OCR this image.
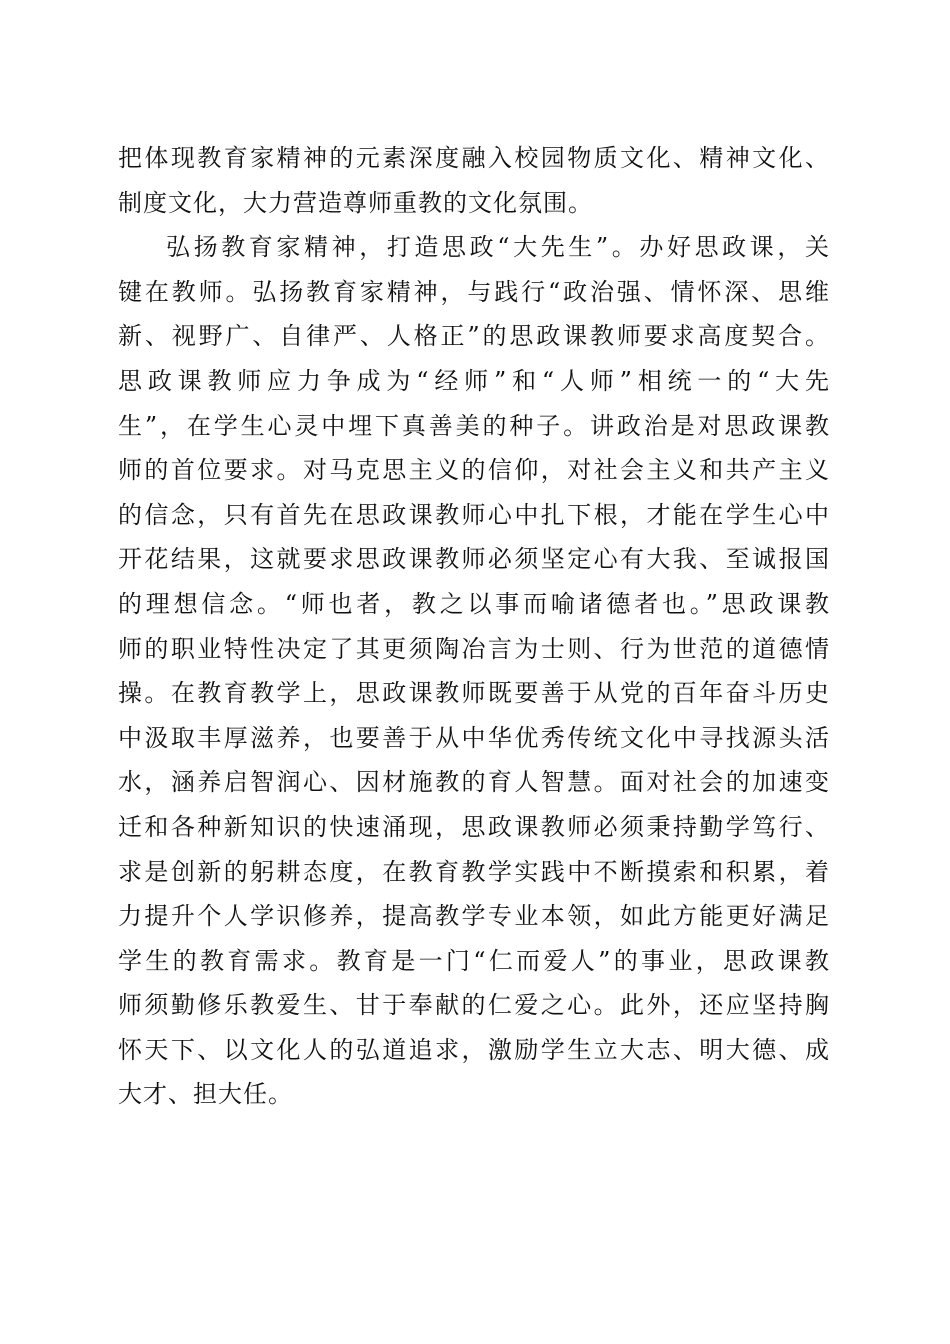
把体现教育家精神的元素深度融入校园物质文化、精神文化、
制度文化，大力营造尊师重教的文化氛围。
弘扬教育家精神，打造思政“大先生”。办好思政课，关
键在教师。弘扬教育家精神，与践行“政治强、情怀深、思维
新、视野广、自律严、人格正”的思政课教师要求高度契合。
思政课教师应力争成为“经师”和“人师”相统一的“大先
生”，在学生心灵中埋下真善美的种子。讲政治是对思政课教
师的首位要求。对马克思主义的信仰，对社会主义和共产主义
的信念，只有首先在思政课教师心中扎下根，才能在学生心中
开花结果，这就要求思政课教师必须坚定心有大我、至诚报国
的理想信念。“师也者，教之以事而喻诸德者也。”思政课教
师的职业特性决定了其更须陶冶言为士则、行为世范的道德情
操。在教育教学上，思政课教师既要善于从党的百年奋斗历史
中汲取丰厚滋养，也要善于从中华优秀传统文化中寻找源头活
水，涵养启智润心、因材施教的育人智慧。面对社会的加速变
迁和各种新知识的快速涌现，思政课教师必须秉持勤学笃行、
求是创新的躬耕态度，在教育教学实践中不断摸索和积累，着
力提升个人学识修养，提高教学专业本领，如此方能更好满足
学生的教育需求。教育是一门“仁而爱人”的事业，思政课教
师须勤修乐教爱生、甘于奉献的仁爱之心。此外，还应坚持胸
怀天下、以文化人的弘道追求，激励学生立大志、明大德、成
大才、担大任。
